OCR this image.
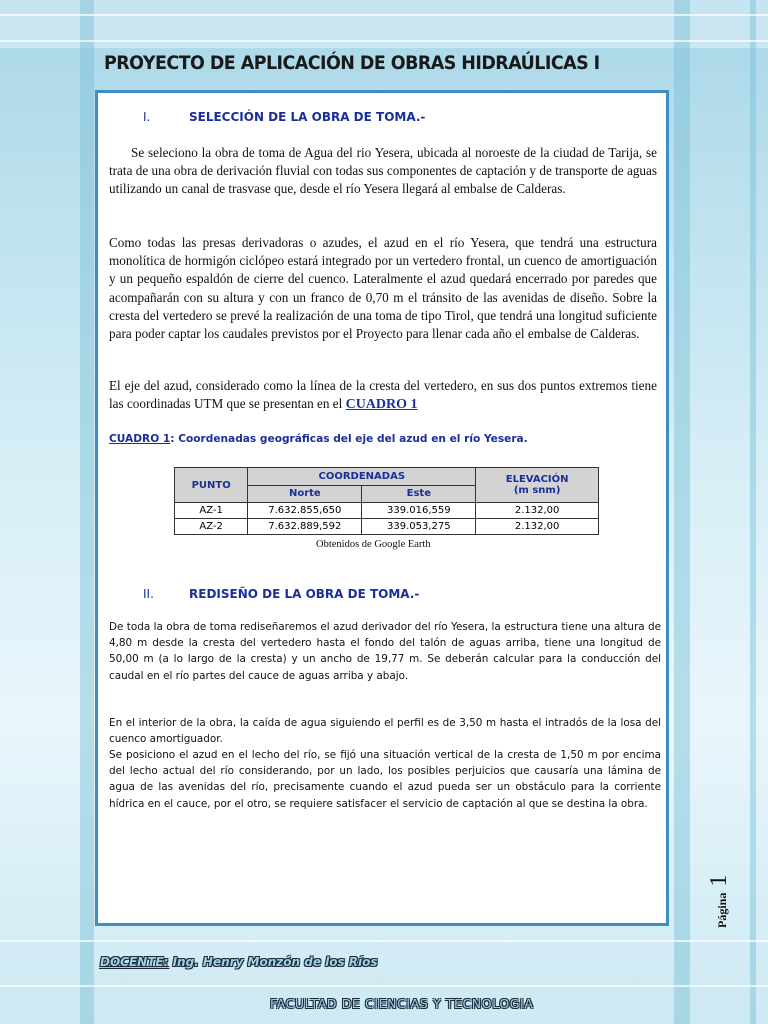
PROYECTO DE APLICACIÓN DE OBRAS HIDRAÚLICAS I
I.	SELECCIÓN DE LA OBRA DE TOMA.-

Se seleciono la obra de toma de Agua del rio Yesera, ubicada al noroeste de la ciudad de Tarija, se trata de una obra de derivación fluvial con todas sus componentes de captación y de transporte de aguas utilizando un canal de trasvase que, desde el río Yesera llegará al embalse de Calderas.

Como todas las presas derivadoras o azudes, el azud en el río Yesera, que tendrá una estructura monolítica de hormigón ciclópeo estará integrado por un vertedero frontal, un cuenco de amortiguación y un pequeño espaldón de cierre del cuenco. Lateralmente el azud quedará encerrado por paredes que acompañarán con su altura y con un franco de 0,70 m el tránsito de las avenidas de diseño. Sobre la cresta del vertedero se prevé la realización de una toma de tipo Tirol, que tendrá una longitud suficiente para poder captar los caudales previstos por el Proyecto para llenar cada año el embalse de Calderas.

El eje del azud, considerado como la línea de la cresta del vertedero, en sus dos puntos extremos tiene las coordinadas UTM que se presentan en el CUADRO 1

CUADRO 1: Coordenadas geográficas del eje del azud en el río Yesera.
PUNTO	COORDENADAS		ELEVACIÓN
(m snm)
	Norte	Este	
AZ-1	7.632.855,650	339.016,559	2.132,00
AZ-2	7.632.889,592	339.053,275	2.132,00
Obtenidos de Google Earth
II.	REDISEÑO DE LA OBRA DE TOMA.-

De toda la obra de toma rediseñaremos el azud derivador del río Yesera, la estructura tiene una altura de 4,80 m desde la cresta del vertedero hasta el fondo del talón de aguas arriba, tiene una longitud de 50,00 m (a lo largo de la cresta) y un ancho de 19,77 m. Se deberán calcular para la conducción del caudal en el río partes del cauce de aguas arriba y abajo.

En el interior de la obra, la caída de agua siguiendo el perfil es de 3,50 m hasta el intradós de la losa del cuenco amortiguador.

Se posiciono el azud en el lecho del río, se fijó una situación vertical de la cresta de 1,50 m por encima del lecho actual del río considerando, por un lado, los posibles perjuicios que causaría una lámina de agua de las avenidas del río, precisamente cuando el azud pueda ser un obstáculo para la corriente hídrica en el cauce, por el otro, se requiere satisfacer el servicio de captación al que se destina la obra.

Página1
DOCENTE: Ing. Henry Monzón de los Ríos
FACULTAD DE CIENCIAS Y TECNOLOGIA
